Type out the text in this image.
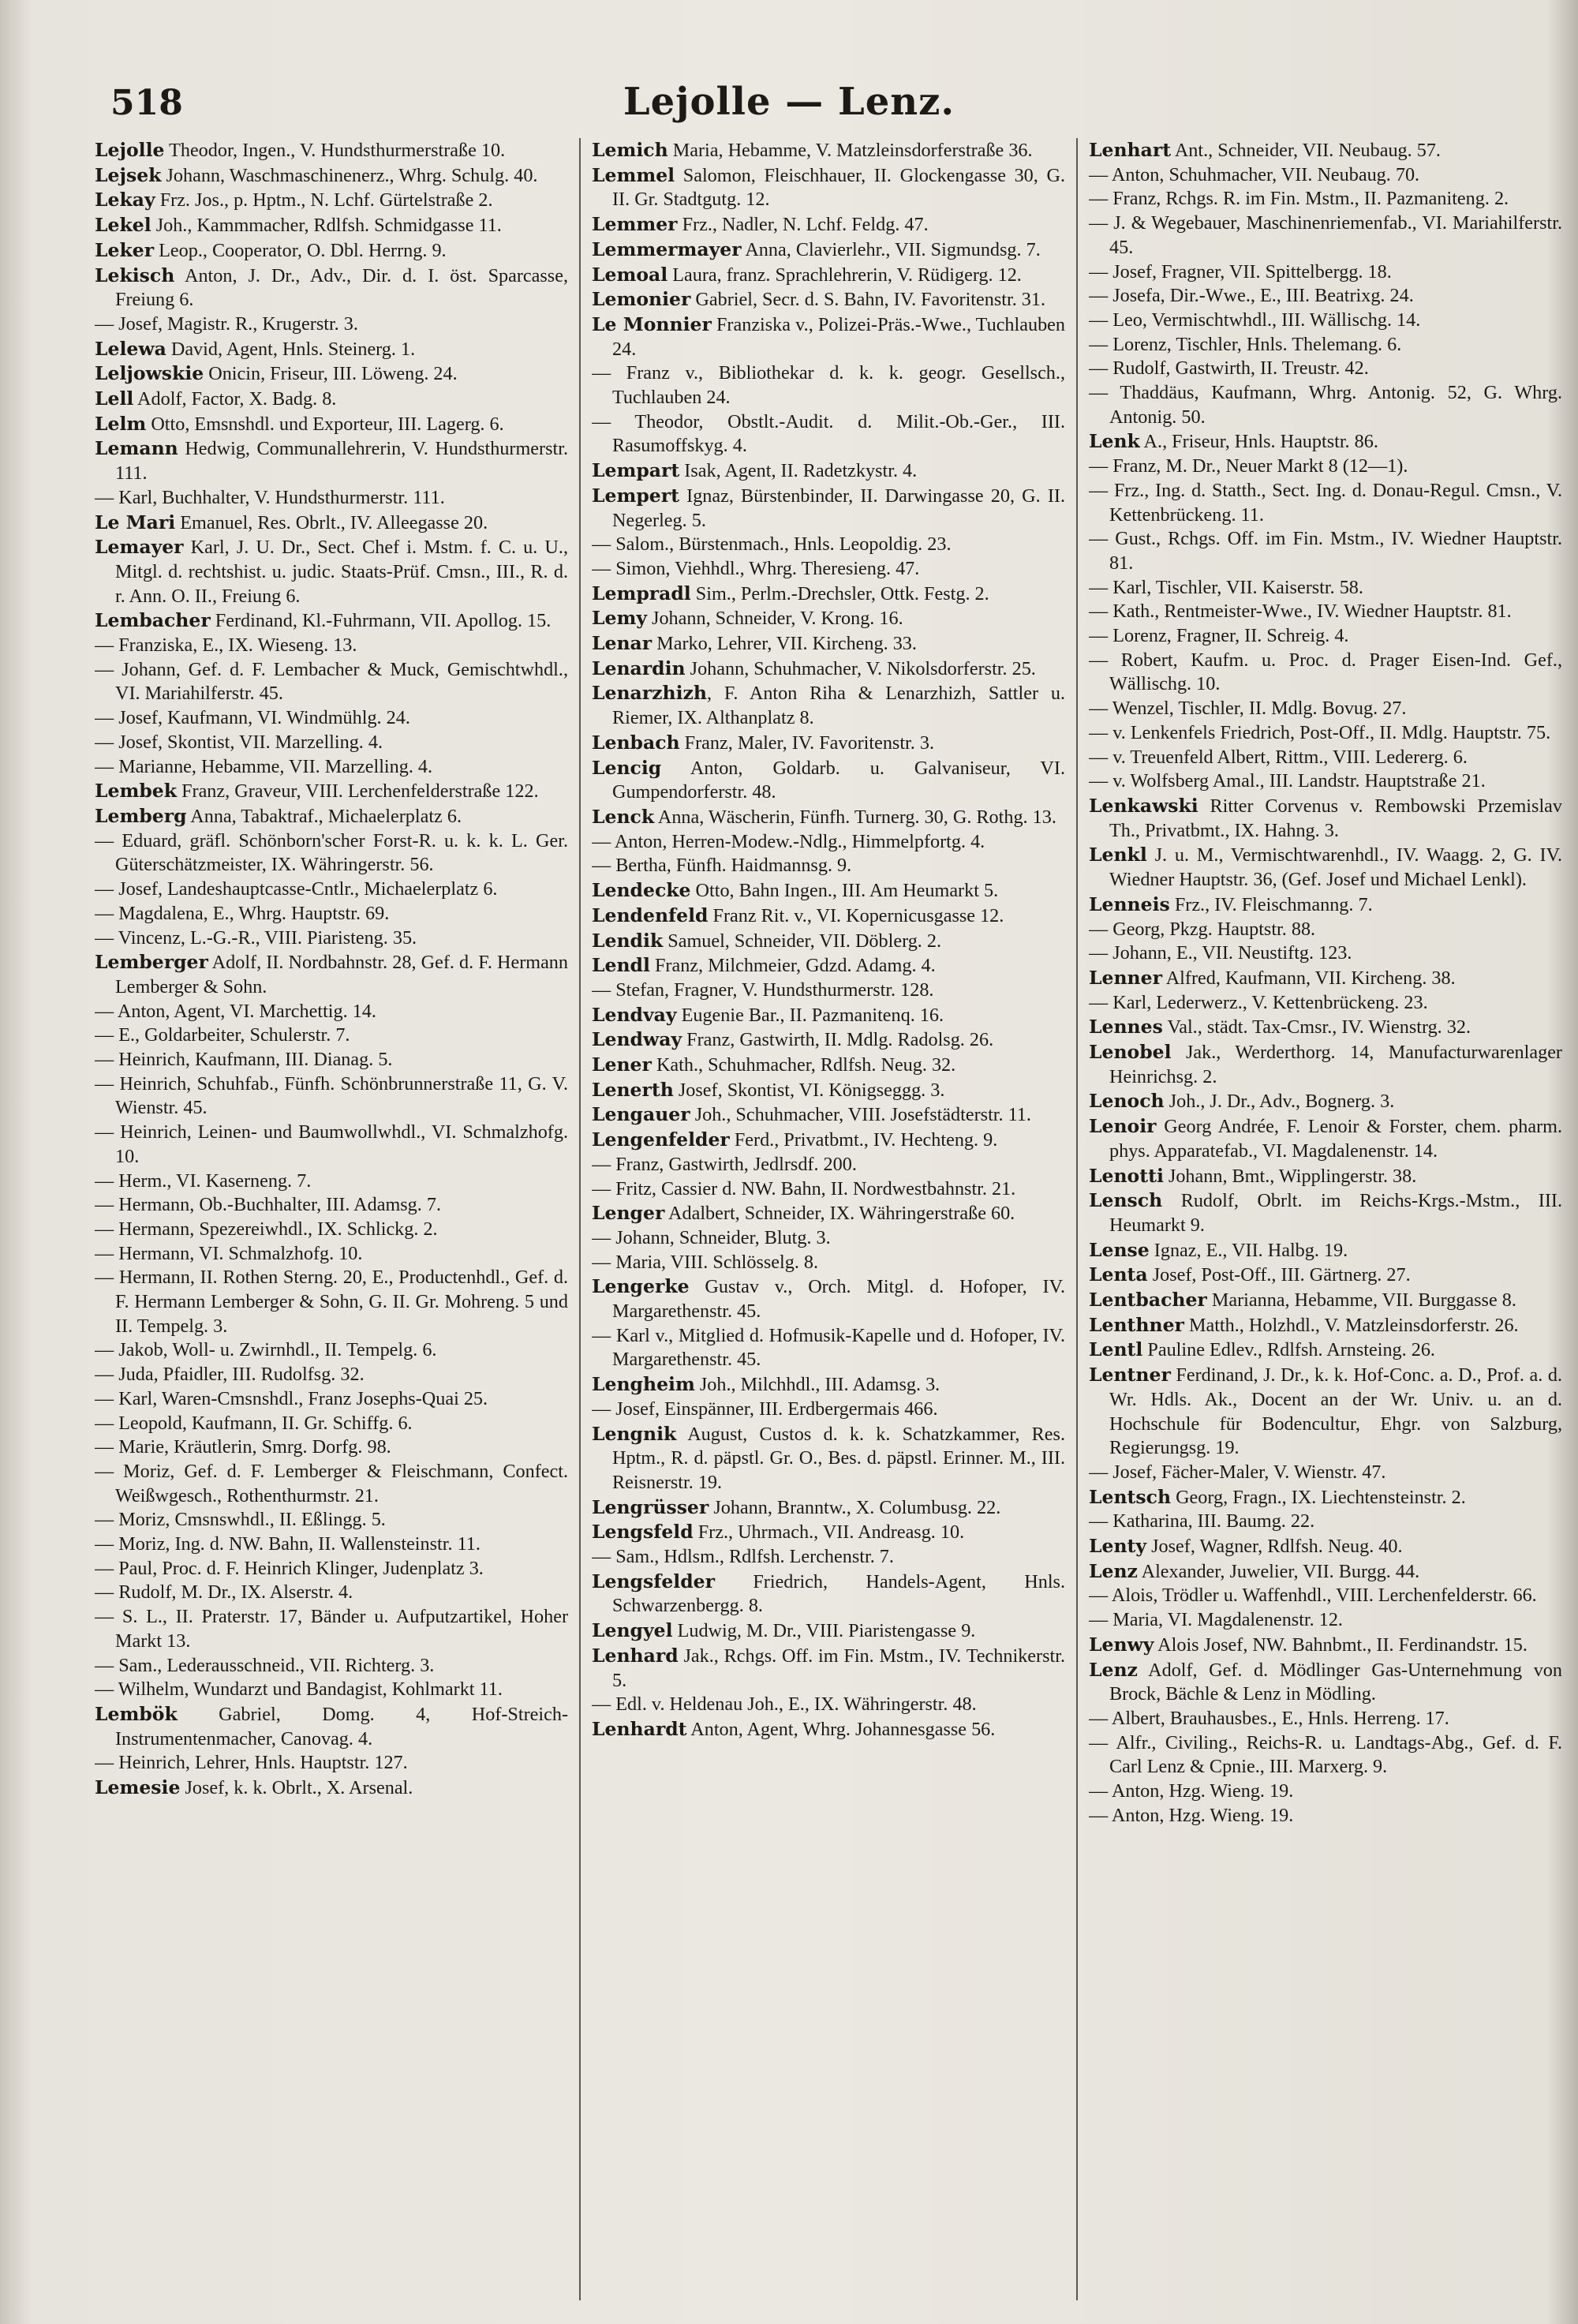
518	Lejolle — Lenz.

Lejolle Theodor, Ingen., V. Hundsthurmerstraße 10.

Lejsek Johann, Waschmaschinenerz., Whrg. Schulg. 40.

Lekay Frz. Jos., p. Hptm., N. Lchf. Gürtelstraße 2.

Lekel Joh., Kammmacher, Rdlfsh. Schmidgasse 11.

Leker Leop., Cooperator, O. Dbl. Herrng. 9.

Lekisch Anton, J. Dr., Adv., Dir. d. I. öst. Sparcasse, Freiung 6.

— Josef, Magistr. R., Krugerstr. 3.

Lelewa David, Agent, Hnls. Steinerg. 1.

Leljowskie Onicin, Friseur, III. Löweng. 24.

Lell Adolf, Factor, X. Badg. 8.

Lelm Otto, Emsnshdl. und Exporteur, III. Lagerg. 6.

Lemann Hedwig, Communallehrerin, V. Hundsthurmerstr. 111.

— Karl, Buchhalter, V. Hundsthurmerstr. 111.

Le Mari Emanuel, Res. Obrlt., IV. Alleegasse 20.

Lemayer Karl, J. U. Dr., Sect. Chef i. Mstm. f. C. u. U., Mitgl. d. rechtshist. u. judic. Staats-Prüf. Cmsn., III., R. d. r. Ann. O. II., Freiung 6.

Lembacher Ferdinand, Kl.-Fuhrmann, VII. Apollog. 15.

— Franziska, E., IX. Wieseng. 13.

— Johann, Gef. d. F. Lembacher & Muck, Gemischtwhdl., VI. Mariahilferstr. 45.

— Josef, Kaufmann, VI. Windmühlg. 24.

— Josef, Skontist, VII. Marzelling. 4.

— Marianne, Hebamme, VII. Marzelling. 4.

Lembek Franz, Graveur, VIII. Lerchenfelderstraße 122.

Lemberg Anna, Tabaktraf., Michaelerplatz 6.

— Eduard, gräfl. Schönborn'scher Forst-R. u. k. k. L. Ger. Güterschätzmeister, IX. Währingerstr. 56.

— Josef, Landeshauptcasse-Cntlr., Michaelerplatz 6.

— Magdalena, E., Whrg. Hauptstr. 69.

— Vincenz, L.-G.-R., VIII. Piaristeng. 35.

Lemberger Adolf, II. Nordbahnstr. 28, Gef. d. F. Hermann Lemberger & Sohn.

— Anton, Agent, VI. Marchettig. 14.

— E., Goldarbeiter, Schulerstr. 7.

— Heinrich, Kaufmann, III. Dianag. 5.

— Heinrich, Schuhfab., Fünfh. Schönbrunnerstraße 11, G. V. Wienstr. 45.

— Heinrich, Leinen- und Baumwollwhdl., VI. Schmalzhofg. 10.

— Herm., VI. Kaserneng. 7.

— Hermann, Ob.-Buchhalter, III. Adamsg. 7.

— Hermann, Spezereiwhdl., IX. Schlickg. 2.

— Hermann, VI. Schmalzhofg. 10.

— Hermann, II. Rothen Sterng. 20, E., Productenhdl., Gef. d. F. Hermann Lemberger & Sohn, G. II. Gr. Mohreng. 5 und II. Tempelg. 3.

— Jakob, Woll- u. Zwirnhdl., II. Tempelg. 6.

— Juda, Pfaidler, III. Rudolfsg. 32.

— Karl, Waren-Cmsnshdl., Franz Josephs-Quai 25.

— Leopold, Kaufmann, II. Gr. Schiffg. 6.

— Marie, Kräutlerin, Smrg. Dorfg. 98.

— Moriz, Gef. d. F. Lemberger & Fleischmann, Confect. Weißwgesch., Rothenthurmstr. 21.

— Moriz, Cmsnswhdl., II. Eßlingg. 5.

— Moriz, Ing. d. NW. Bahn, II. Wallensteinstr. 11.

— Paul, Proc. d. F. Heinrich Klinger, Judenplatz 3.

— Rudolf, M. Dr., IX. Alserstr. 4.

— S. L., II. Praterstr. 17, Bänder u. Aufputzartikel, Hoher Markt 13.

— Sam., Lederausschneid., VII. Richterg. 3.

— Wilhelm, Wundarzt und Bandagist, Kohlmarkt 11.

Lembök Gabriel, Domg. 4, Hof-Streich-Instrumentenmacher, Canovag. 4.

— Heinrich, Lehrer, Hnls. Hauptstr. 127.

Lemesie Josef, k. k. Obrlt., X. Arsenal.

Lemich Maria, Hebamme, V. Matzleinsdorferstraße 36.

Lemmel Salomon, Fleischhauer, II. Glockengasse 30, G. II. Gr. Stadtgutg. 12.

Lemmer Frz., Nadler, N. Lchf. Feldg. 47.

Lemmermayer Anna, Clavierlehr., VII. Sigmundsg. 7.

Lemoal Laura, franz. Sprachlehrerin, V. Rüdigerg. 12.

Lemonier Gabriel, Secr. d. S. Bahn, IV. Favoritenstr. 31.

Le Monnier Franziska v., Polizei-Präs.-Wwe., Tuchlauben 24.

— Franz v., Bibliothekar d. k. k. geogr. Gesellsch., Tuchlauben 24.

— Theodor, Obstlt.-Audit. d. Milit.-Ob.-Ger., III. Rasumoffskyg. 4.

Lempart Isak, Agent, II. Radetzkystr. 4.

Lempert Ignaz, Bürstenbinder, II. Darwingasse 20, G. II. Negerleg. 5.

— Salom., Bürstenmach., Hnls. Leopoldig. 23.

— Simon, Viehhdl., Whrg. Theresieng. 47.

Lempradl Sim., Perlm.-Drechsler, Ottk. Festg. 2.

Lemy Johann, Schneider, V. Krong. 16.

Lenar Marko, Lehrer, VII. Kircheng. 33.

Lenardin Johann, Schuhmacher, V. Nikolsdorferstr. 25.

Lenarzhizh, F. Anton Riha & Lenarzhizh, Sattler u. Riemer, IX. Althanplatz 8.

Lenbach Franz, Maler, IV. Favoritenstr. 3.

Lencig Anton, Goldarb. u. Galvaniseur, VI. Gumpendorferstr. 48.

Lenck Anna, Wäscherin, Fünfh. Turnerg. 30, G. Rothg. 13.

— Anton, Herren-Modew.-Ndlg., Himmelpfortg. 4.

— Bertha, Fünfh. Haidmannsg. 9.

Lendecke Otto, Bahn Ingen., III. Am Heumarkt 5.

Lendenfeld Franz Rit. v., VI. Kopernicusgasse 12.

Lendik Samuel, Schneider, VII. Döblerg. 2.

Lendl Franz, Milchmeier, Gdzd. Adamg. 4.

— Stefan, Fragner, V. Hundsthurmerstr. 128.

Lendvay Eugenie Bar., II. Pazmanitenq. 16.

Lendway Franz, Gastwirth, II. Mdlg. Radolsg. 26.

Lener Kath., Schuhmacher, Rdlfsh. Neug. 32.

Lenerth Josef, Skontist, VI. Königseggg. 3.

Lengauer Joh., Schuhmacher, VIII. Josefstädterstr. 11.

Lengenfelder Ferd., Privatbmt., IV. Hechteng. 9.

— Franz, Gastwirth, Jedlrsdf. 200.

— Fritz, Cassier d. NW. Bahn, II. Nordwestbahnstr. 21.

Lenger Adalbert, Schneider, IX. Währingerstraße 60.

— Johann, Schneider, Blutg. 3.

— Maria, VIII. Schlösselg. 8.

Lengerke Gustav v., Orch. Mitgl. d. Hofoper, IV. Margarethenstr. 45.

— Karl v., Mitglied d. Hofmusik-Kapelle und d. Hofoper, IV. Margarethenstr. 45.

Lengheim Joh., Milchhdl., III. Adamsg. 3.

— Josef, Einspänner, III. Erdbergermais 466.

Lengnik August, Custos d. k. k. Schatzkammer, Res. Hptm., R. d. päpstl. Gr. O., Bes. d. päpstl. Erinner. M., III. Reisnerstr. 19.

Lengrüsser Johann, Branntw., X. Columbusg. 22.

Lengsfeld Frz., Uhrmach., VII. Andreasg. 10.

— Sam., Hdlsm., Rdlfsh. Lerchenstr. 7.

Lengsfelder Friedrich, Handels-Agent, Hnls. Schwarzenbergg. 8.

Lengyel Ludwig, M. Dr., VIII. Piaristengasse 9.

Lenhard Jak., Rchgs. Off. im Fin. Mstm., IV. Technikerstr. 5.

— Edl. v. Heldenau Joh., E., IX. Währingerstr. 48.

Lenhardt Anton, Agent, Whrg. Johannesgasse 56.

Lenhart Ant., Schneider, VII. Neubaug. 57.

— Anton, Schuhmacher, VII. Neubaug. 70.

— Franz, Rchgs. R. im Fin. Mstm., II. Pazmaniteng. 2.

— J. & Wegebauer, Maschinenriemenfab., VI. Mariahilferstr. 45.

— Josef, Fragner, VII. Spittelbergg. 18.

— Josefa, Dir.-Wwe., E., III. Beatrixg. 24.

— Leo, Vermischtwhdl., III. Wällischg. 14.

— Lorenz, Tischler, Hnls. Thelemang. 6.

— Rudolf, Gastwirth, II. Treustr. 42.

— Thaddäus, Kaufmann, Whrg. Antonig. 52, G. Whrg. Antonig. 50.

Lenk A., Friseur, Hnls. Hauptstr. 86.

— Franz, M. Dr., Neuer Markt 8 (12—1).

— Frz., Ing. d. Statth., Sect. Ing. d. Donau-Regul. Cmsn., V. Kettenbrückeng. 11.

— Gust., Rchgs. Off. im Fin. Mstm., IV. Wiedner Hauptstr. 81.

— Karl, Tischler, VII. Kaiserstr. 58.

— Kath., Rentmeister-Wwe., IV. Wiedner Hauptstr. 81.

— Lorenz, Fragner, II. Schreig. 4.

— Robert, Kaufm. u. Proc. d. Prager Eisen-Ind. Gef., Wällischg. 10.

— Wenzel, Tischler, II. Mdlg. Bovug. 27.

— v. Lenkenfels Friedrich, Post-Off., II. Mdlg. Hauptstr. 75.

— v. Treuenfeld Albert, Rittm., VIII. Ledererg. 6.

— v. Wolfsberg Amal., III. Landstr. Hauptstraße 21.

Lenkawski Ritter Corvenus v. Rembowski Przemislav Th., Privatbmt., IX. Hahng. 3.

Lenkl J. u. M., Vermischtwarenhdl., IV. Waagg. 2, G. IV. Wiedner Hauptstr. 36, (Gef. Josef und Michael Lenkl).

Lenneis Frz., IV. Fleischmanng. 7.

— Georg, Pkzg. Hauptstr. 88.

— Johann, E., VII. Neustiftg. 123.

Lenner Alfred, Kaufmann, VII. Kircheng. 38.

— Karl, Lederwerz., V. Kettenbrückeng. 23.

Lennes Val., städt. Tax-Cmsr., IV. Wienstrg. 32.

Lenobel Jak., Werderthorg. 14, Manufacturwarenlager Heinrichsg. 2.

Lenoch Joh., J. Dr., Adv., Bognerg. 3.

Lenoir Georg Andrée, F. Lenoir & Forster, chem. pharm. phys. Apparatefab., VI. Magdalenenstr. 14.

Lenotti Johann, Bmt., Wipplingerstr. 38.

Lensch Rudolf, Obrlt. im Reichs-Krgs.-Mstm., III. Heumarkt 9.

Lense Ignaz, E., VII. Halbg. 19.

Lenta Josef, Post-Off., III. Gärtnerg. 27.

Lentbacher Marianna, Hebamme, VII. Burggasse 8.

Lenthner Matth., Holzhdl., V. Matzleinsdorferstr. 26.

Lentl Pauline Edlev., Rdlfsh. Arnsteing. 26.

Lentner Ferdinand, J. Dr., k. k. Hof-Conc. a. D., Prof. a. d. Wr. Hdls. Ak., Docent an der Wr. Univ. u. an d. Hochschule für Bodencultur, Ehgr. von Salzburg, Regierungsg. 19.

— Josef, Fächer-Maler, V. Wienstr. 47.

Lentsch Georg, Fragn., IX. Liechtensteinstr. 2.

— Katharina, III. Baumg. 22.

Lenty Josef, Wagner, Rdlfsh. Neug. 40.

Lenz Alexander, Juwelier, VII. Burgg. 44.

— Alois, Trödler u. Waffenhdl., VIII. Lerchenfelderstr. 66.

— Maria, VI. Magdalenenstr. 12.

Lenwy Alois Josef, NW. Bahnbmt., II. Ferdinandstr. 15.

Lenz Adolf, Gef. d. Mödlinger Gas-Unternehmung von Brock, Bächle & Lenz in Mödling.

— Albert, Brauhausbes., E., Hnls. Herreng. 17.

— Alfr., Civiling., Reichs-R. u. Landtags-Abg., Gef. d. F. Carl Lenz & Cpnie., III. Marxerg. 9.

— Anton, Hzg. Wieng. 19.

— Anton, Hzg. Wieng. 19.
